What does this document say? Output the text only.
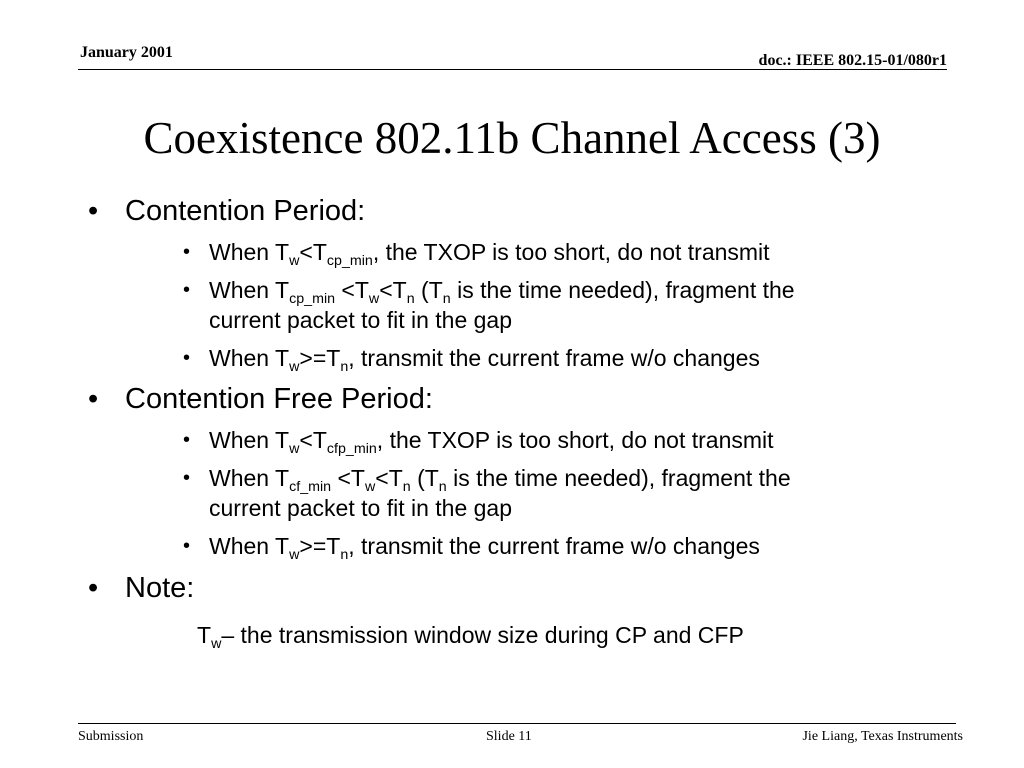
January 2001	doc.: IEEE 802.15-01/080r1
Coexistence 802.11b Channel Access (3)
• Contention Period:
• When $T_w<T_{cp\_min}$, the TXOP is too short, do not transmit
• When $T_{cp\_min} <T_w<T_n$ ($T_n$ is the time needed), fragment the
current packet to fit in the gap
• When $T_w>=T_n$, transmit the current frame w/o changes
• Contention Free Period:
• When $T_w<T_{cfp\_min}$, the TXOP is too short, do not transmit
• When $T_{cf\_min} <T_w<T_n$ ($T_n$ is the time needed), fragment the
current packet to fit in the gap
• When $T_w>=T_n$, transmit the current frame w/o changes
• Note:
$T_w-$ the transmission window size during CP and CFP
Submission	Slide 11	Jie Liang, Texas Instruments
